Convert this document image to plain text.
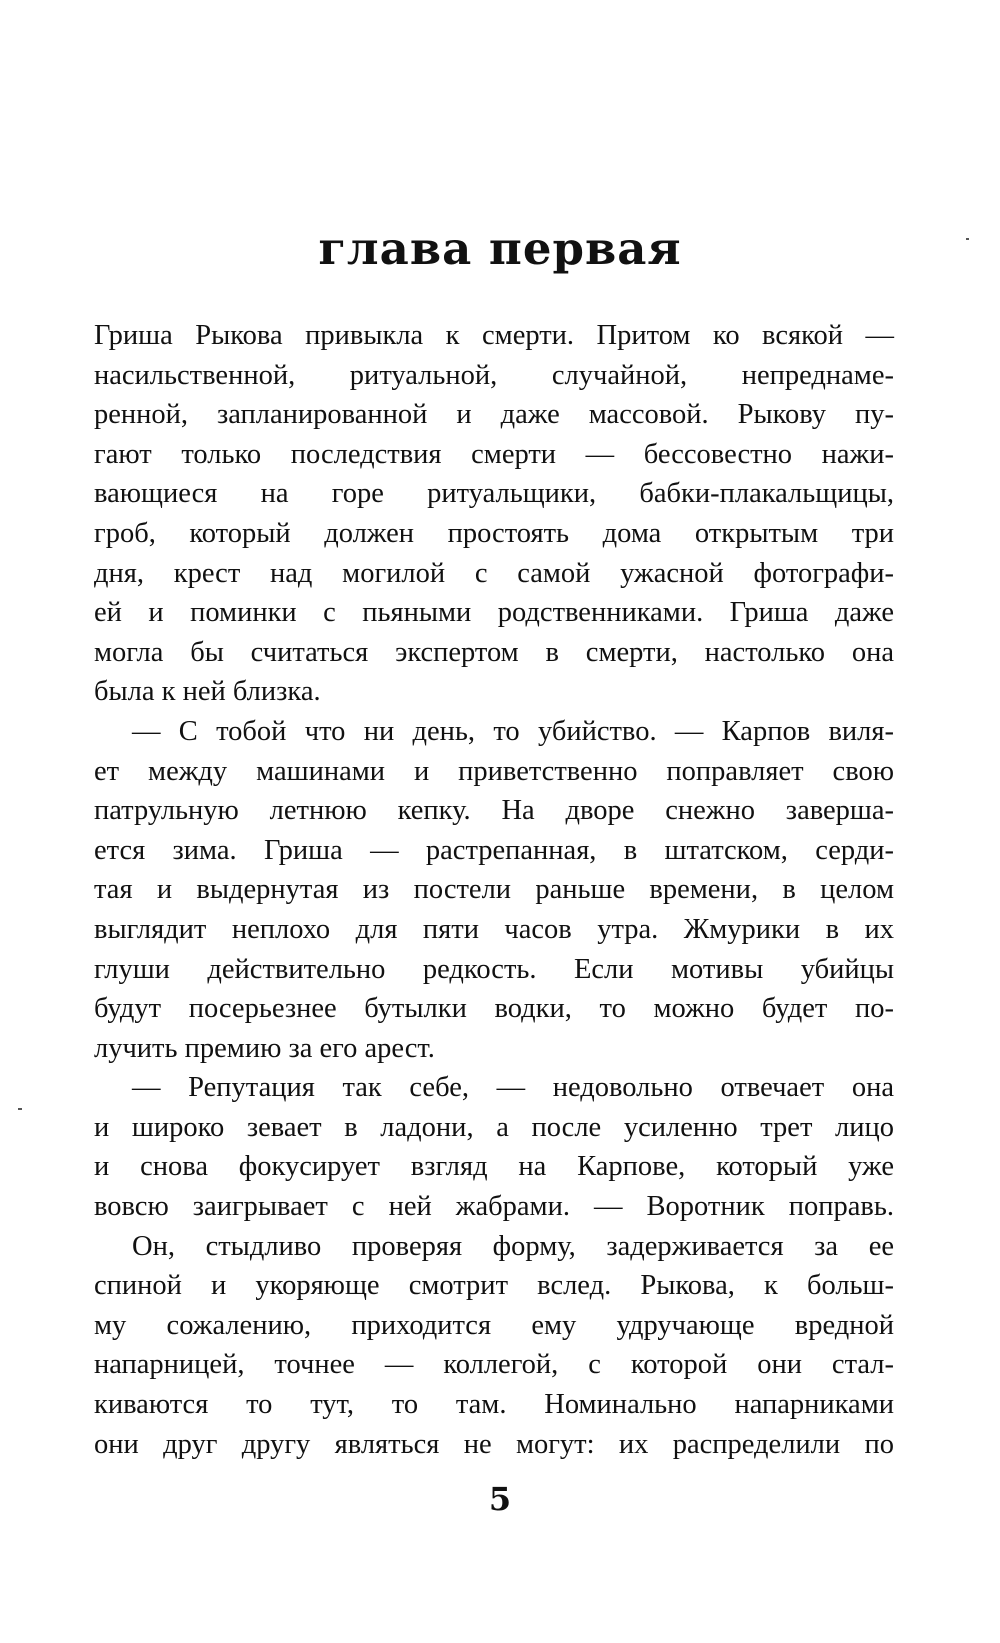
глава первая
Гриша Рыкова привыкла к смерти. Притом ко всякой —
насильственной, ритуальной, случайной, непреднаме-
ренной, запланированной и даже массовой. Рыкову пу-
гают только последствия смерти — бессовестно нажи-
вающиеся на горе ритуальщики, бабки-плакальщицы,
гроб, который должен простоять дома открытым три
дня, крест над могилой с самой ужасной фотографи-
ей и поминки с пьяными родственниками. Гриша даже
могла бы считаться экспертом в смерти, настолько она
была к ней близка.
— С тобой что ни день, то убийство. — Карпов виля-
ет между машинами и приветственно поправляет свою
патрульную летнюю кепку. На дворе снежно заверша-
ется зима. Гриша — растрепанная, в штатском, серди-
тая и выдернутая из постели раньше времени, в целом
выглядит неплохо для пяти часов утра. Жмурики в их
глуши действительно редкость. Если мотивы убийцы
будут посерьезнее бутылки водки, то можно будет по-
лучить премию за его арест.
— Репутация так себе, — недовольно отвечает она
и широко зевает в ладони, а после усиленно трет лицо
и снова фокусирует взгляд на Карпове, который уже
вовсю заигрывает с ней жабрами. — Воротник поправь.
Он, стыдливо проверяя форму, задерживается за ее
спиной и укоряюще смотрит вслед. Рыкова, к больш-
му сожалению, приходится ему удручающе вредной
напарницей, точнее — коллегой, с которой они стал-
киваются то тут, то там. Номинально напарниками
они друг другу являться не могут: их распределили по
5
